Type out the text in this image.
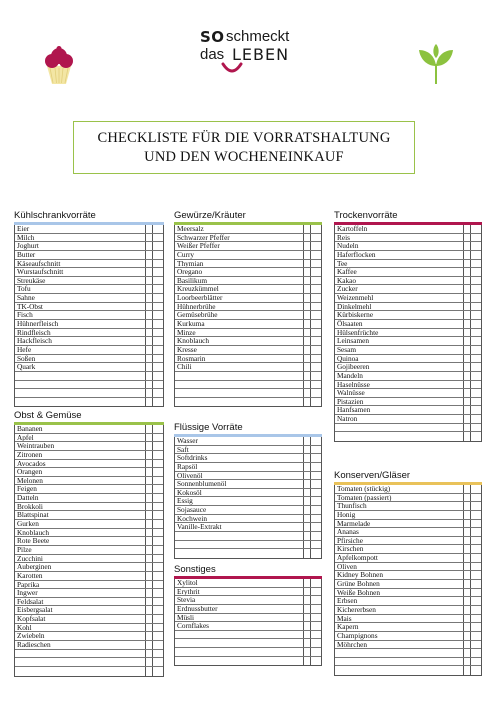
SO schmeckt
das LEBEN
CHECKLISTE FÜR DIE VORRATSHALTUNG
UND DEN WOCHENEINKAUF
Kühlschrankvorräte
Eier
Milch
Joghurt
Butter
Käseaufschnitt
Wurstaufschnitt
Streukäse
Tofu
Sahne
TK-Obst
Fisch
Hühnerfleisch
Rindfleisch
Hackfleisch
Hefe
Soßen
Quark
Gewürze/Kräuter
Meersalz
Schwarzer Pfeffer
Weißer Pfeffer
Curry
Thymian
Oregano
Basilikum
Kreuzkümmel
Loorbeerblätter
Hühnerbrühe
Gemüsebrühe
Kurkuma
Minze
Knoblauch
Kresse
Rosmarin
Chili
Trockenvorräte
Kartoffeln
Reis
Nudeln
Haferflocken
Tee
Kaffee
Kakao
Zucker
Weizenmehl
Dinkelmehl
Kürbiskerne
Ölsaaten
Hülsenfrüchte
Leinsamen
Sesam
Quinoa
Gojibeeren
Mandeln
Haselnüsse
Walnüsse
Pistazien
Hanfsamen
Natron
Obst & Gemüse
Bananen
Apfel
Weintrauben
Zitronen
Avocados
Orangen
Melonen
Feigen
Datteln
Brokkoli
Blattspinat
Gurken
Knoblauch
Rote Beete
Pilze
Zucchini
Auberginen
Karotten
Paprika
Ingwer
Feldsalat
Eisbergsalat
Kopfsalat
Kohl
Zwiebeln
Radieschen
Flüssige Vorräte
Wasser
Saft
Softdrinks
Rapsöl
Olivenöl
Sonnenblumenöl
Kokosöl
Essig
Sojasauce
Kochwein
Vanille-Extrakt
Sonstiges
Xylitol
Erythrit
Stevia
Erdnussbutter
Müsli
Cornflakes
Konserven/Gläser
Tomaten (stückig)
Tomaten (passiert)
Thunfisch
Honig
Marmelade
Ananas
Pfirsiche
Kirschen
Apfelkompott
Oliven
Kidney Bohnen
Grüne Bohnen
Weiße Bohnen
Erbsen
Kichererbsen
Mais
Kapern
Champignons
Möhrchen
